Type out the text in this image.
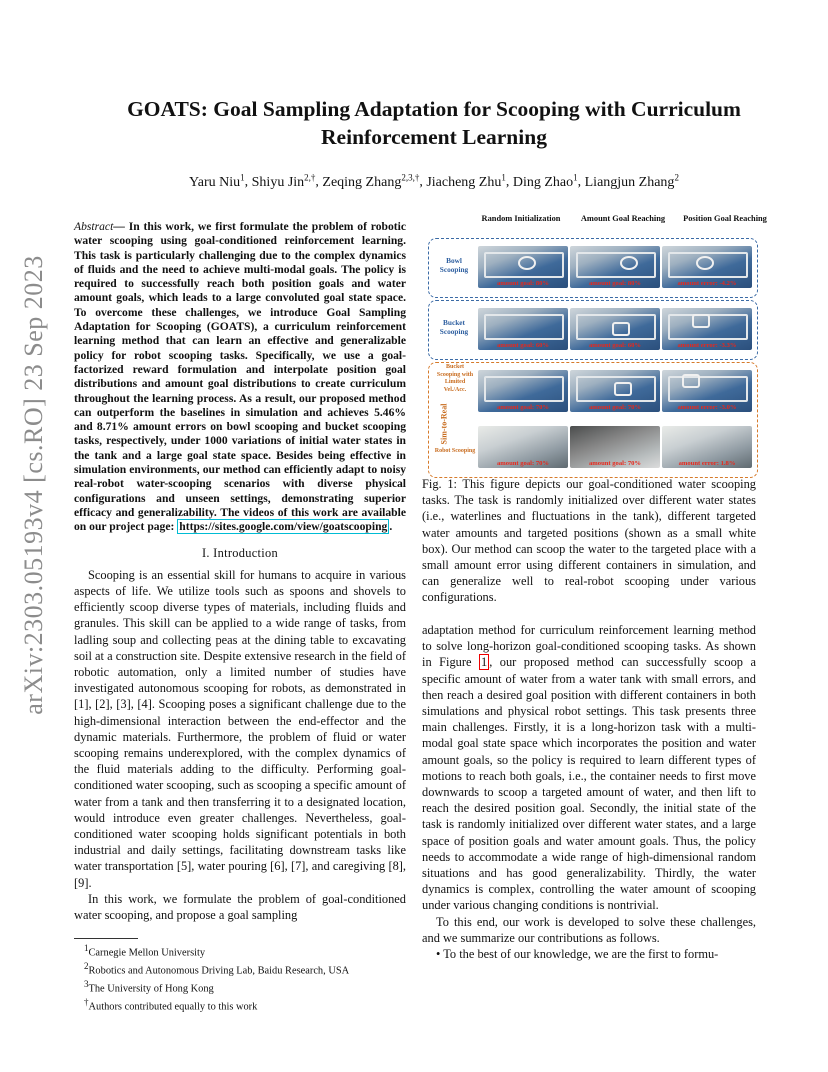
arXiv:2303.05193v4 [cs.RO] 23 Sep 2023
GOATS: Goal Sampling Adaptation for Scooping with Curriculum Reinforcement Learning
Yaru Niu$^1$, Shiyu Jin$^{2,\dagger}$, Zeqing Zhang$^{2,3,\dagger}$, Jiacheng Zhu$^1$, Ding Zhao$^1$, Liangjun Zhang$^2$
Abstract— In this work, we first formulate the problem of robotic water scooping using goal-conditioned reinforcement learning. This task is particularly challenging due to the complex dynamics of fluids and the need to achieve multi-modal goals. The policy is required to successfully reach both position goals and water amount goals, which leads to a large convoluted goal state space. To overcome these challenges, we introduce Goal Sampling Adaptation for Scooping (GOATS), a curriculum reinforcement learning method that can learn an effective and generalizable policy for robot scooping tasks. Specifically, we use a goal-factorized reward formulation and interpolate position goal distributions and amount goal distributions to create curriculum throughout the learning process. As a result, our proposed method can outperform the baselines in simulation and achieves 5.46% and 8.71% amount errors on bowl scooping and bucket scooping tasks, respectively, under 1000 variations of initial water states in the tank and a large goal state space. Besides being effective in simulation environments, our method can efficiently adapt to noisy real-robot water-scooping scenarios with diverse physical configurations and unseen settings, demonstrating superior efficacy and generalizability. The videos of this work are available on our project page: https://sites.google.com/view/goatscooping .
I. Introduction

Scooping is an essential skill for humans to acquire in various aspects of life. We utilize tools such as spoons and shovels to efficiently scoop diverse types of materials, including fluids and granules. This skill can be applied to a wide range of tasks, from ladling soup and collecting peas at the dining table to excavating soil at a construction site. Despite extensive research in the field of robotic automation, only a limited number of studies have investigated autonomous scooping for robots, as demonstrated in [1], [2], [3], [4]. Scooping poses a significant challenge due to the high-dimensional interaction between the end-effector and the dynamic materials. Furthermore, the problem of fluid or water scooping remains underexplored, with the complex dynamics of the fluid materials adding to the difficulty. Performing goal-conditioned water scooping, such as scooping a specific amount of water from a tank and then transferring it to a designated location, would introduce even greater challenges. Nevertheless, goal-conditioned water scooping holds significant potentials in both industrial and daily settings, facilitating downstream tasks like water transportation [5], water pouring [6], [7], and caregiving [8], [9].

In this work, we formulate the problem of goal-conditioned water scooping, and propose a goal sampling

$^1$Carnegie Mellon University
$^2$Robotics and Autonomous Driving Lab, Baidu Research, USA
$^3$The University of Hong Kong
†Authors contributed equally to this work
Random Initialization	Amount Goal Reaching	Position Goal Reaching
Bowl Scooping
Bucket Scooping
Bucket Scooping with Limited Vel./Acc.
Robot Scooping
Sim-to-Real
amount goal: 80%	amount goal: 80%	amount error: -4.2%
amount goal: 60%	amount goal: 60%	amount error: -3.3%
amount goal: 70%	amount goal: 70%	amount error: -3.0%
amount goal: 70%	amount goal: 70%	amount error: 1.8%

Fig. 1: This figure depicts our goal-conditioned water scooping tasks. The task is randomly initialized over different water states (i.e., waterlines and fluctuations in the tank), different targeted water amounts and targeted positions (shown as a small white box). Our method can scoop the water to the targeted place with a small amount error using different containers in simulation, and can generalize well to real-robot scooping under various configurations.

adaptation method for curriculum reinforcement learning method to solve long-horizon goal-conditioned scooping tasks. As shown in Figure 1 , our proposed method can successfully scoop a specific amount of water from a water tank with small errors, and then reach a desired goal position with different containers in both simulations and physical robot settings. This task presents three main challenges. Firstly, it is a long-horizon task with a multi-modal goal state space which incorporates the position and water amount goals, so the policy is required to learn different types of motions to reach both goals, i.e., the container needs to first move downwards to scoop a targeted amount of water, and then lift to reach the desired position goal. Secondly, the initial state of the task is randomly initialized over different water states, and a large space of position goals and water amount goals. Thus, the policy needs to accommodate a wide range of high-dimensional random situations and has good generalizability. Thirdly, the water dynamics is complex, controlling the water amount of scooping under various changing conditions is nontrivial.

To this end, our work is developed to solve these challenges, and we summarize our contributions as follows.

• To the best of our knowledge, we are the first to formu-
